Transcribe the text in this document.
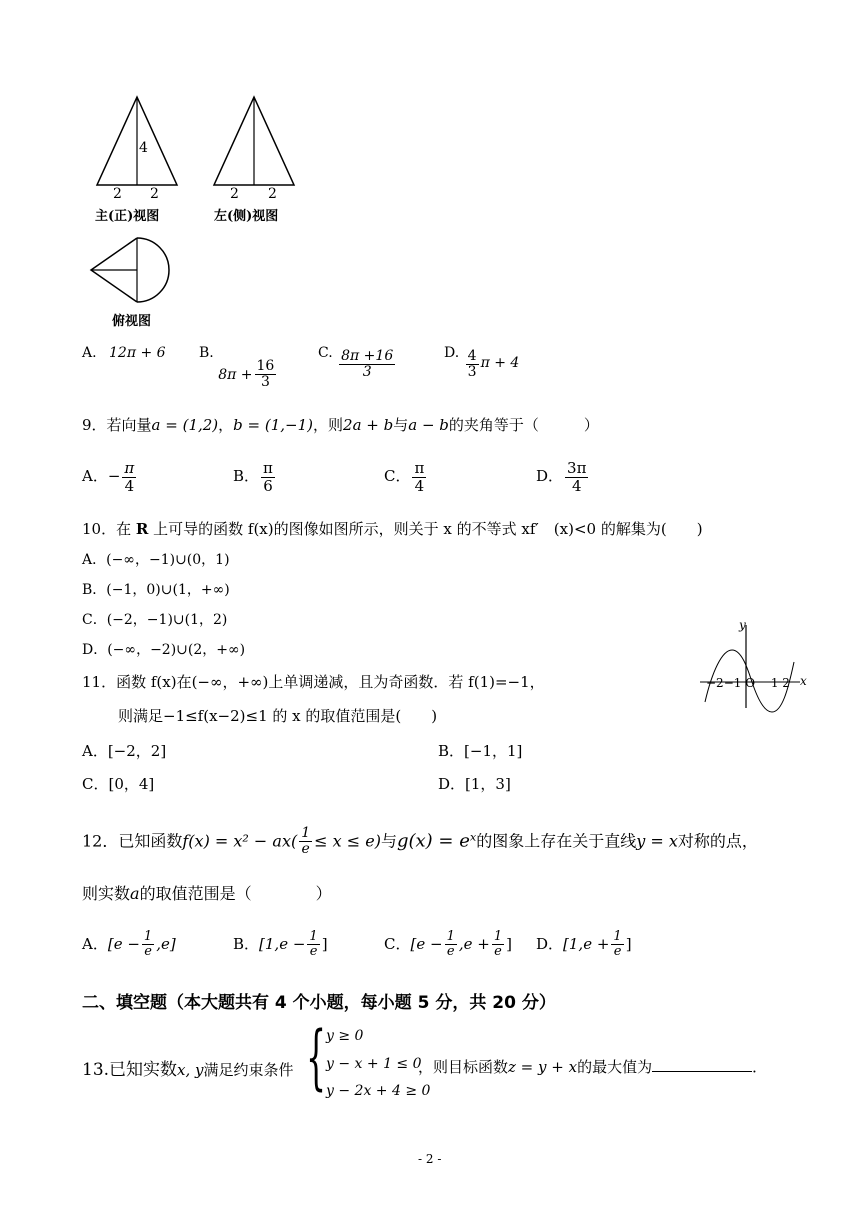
4
2 2
主(正)视图
2 2
左(侧)视图
俯视图
A. 12π + 6 B. $8\pi + \frac{16}{3}$
C. $\frac{8\pi +16}{3}$	D. $\frac{4}{3}$ π + 4
9．若向量a = (1,2)，b = (1,−1)，则2a + b与a − b的夹角等于（　　　）
A．− $\frac{\pi}{4}$	B． $\frac{\pi}{6}$	C． $\frac{\pi}{4}$	D． $\frac{3\pi}{4}$
10．在 R 上可导的函数 f(x)的图像如图所示，则关于 x 的不等式 xf′　(x)<0 的解集为(　　)
A．(−∞，−1)∪(0，1)
B．(−1，0)∪(1，+∞)
C．(−2，−1)∪(1，2)
D．(−∞，−2)∪(2，+∞)
y
x
−2−1 O　 1 2
11．函数 f(x)在(−∞，+∞)上单调递减，且为奇函数．若 f(1)=−1，
则满足−1≤f(x−2)≤1 的 x 的取值范围是(　　)
A．[−2，2]	B．[−1，1]
C．[0，4]	D．[1，3]
12．已知函数$f(x) = x^2 - ax( \frac{1}{e} \le x \le e)$与g(x) = eˣ的图象上存在关于直线y = x对称的点，
则实数a的取值范围是（　　　　）
A．$[e - \frac{1}{e} ,e]$	B．[$1,e - \frac{1}{e}$ ]	C．[$e - \frac{1}{e} ,e + \frac{1}{e}$ ] D．[$1,e + \frac{1}{e}$ ]
二、填空题（本大题共有 4 个小题，每小题 5 分，共 20 分）
13.已知实数x, y满足约束条件 { y ≥ 0
y − x + 1 ≤ 0
y − 2x + 4 ≥ 0
，则目标函数z = y + x的最大值为	．
- 2 -
